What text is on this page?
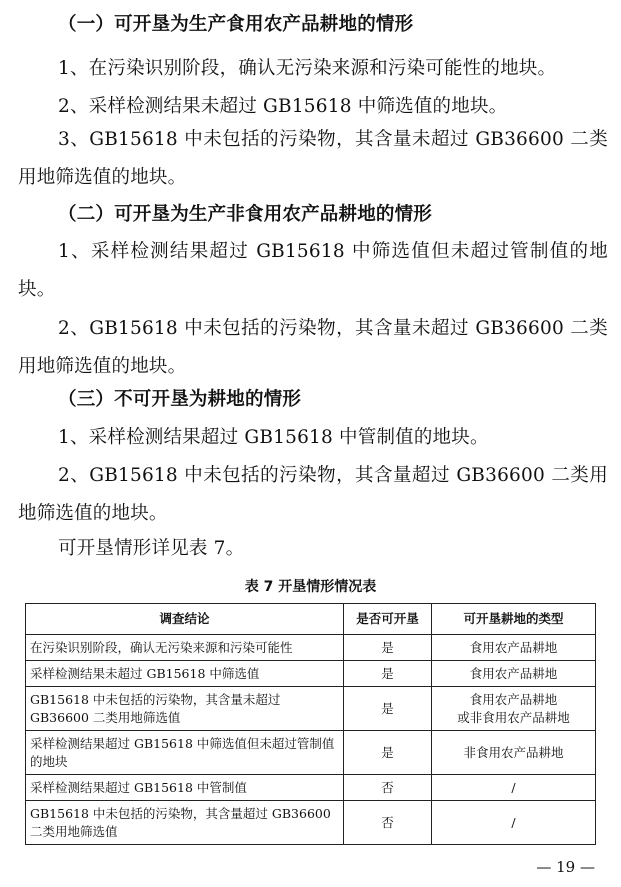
（一）可开垦为生产食用农产品耕地的情形

1、在污染识别阶段，确认无污染来源和污染可能性的地块。

2、采样检测结果未超过 GB15618 中筛选值的地块。

3、GB15618 中未包括的污染物，其含量未超过 GB36600 二类用地筛选值的地块。

（二）可开垦为生产非食用农产品耕地的情形

1、采样检测结果超过 GB15618 中筛选值但未超过管制值的地块。

2、GB15618 中未包括的污染物，其含量未超过 GB36600 二类用地筛选值的地块。

（三）不可开垦为耕地的情形

1、采样检测结果超过 GB15618 中管制值的地块。

2、GB15618 中未包括的污染物，其含量超过 GB36600 二类用地筛选值的地块。

可开垦情形详见表 7。

表 7 开垦情形情况表
调查结论	是否可开垦	可开垦耕地的类型
在污染识别阶段，确认无污染来源和污染可能性	是	食用农产品耕地
采样检测结果未超过 GB15618 中筛选值	是	食用农产品耕地
GB15618 中未包括的污染物，其含量未超过 GB36600 二类用地筛选值	是	食用农产品耕地
或非食用农产品耕地
采样检测结果超过 GB15618 中筛选值但未超过管制值的地块	是	非食用农产品耕地
采样检测结果超过 GB15618 中管制值	否	/
GB15618 中未包括的污染物，其含量超过 GB36600 二类用地筛选值	否	/
— 19 —
